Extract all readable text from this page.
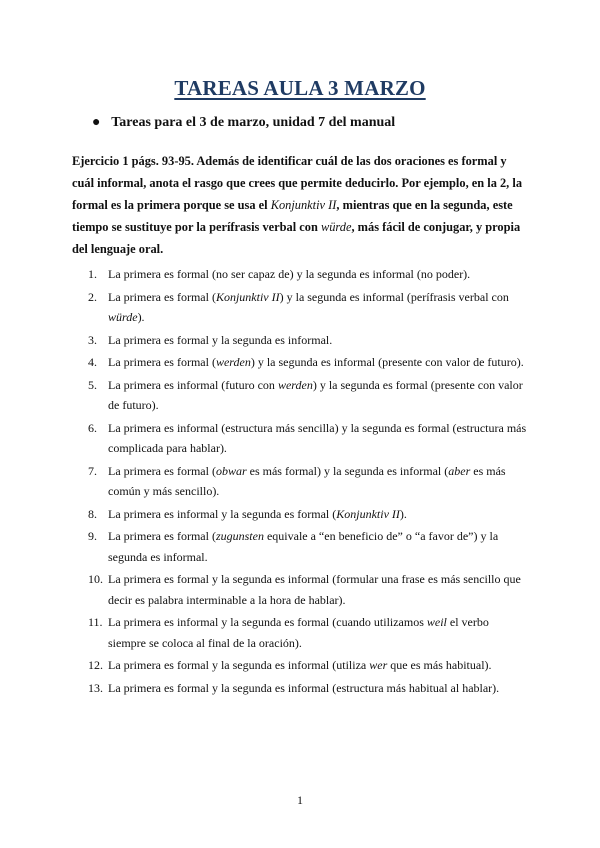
TAREAS AULA 3 MARZO
● Tareas para el 3 de marzo, unidad 7 del manual
Ejercicio 1 págs. 93-95. Además de identificar cuál de las dos oraciones es formal y cuál informal, anota el rasgo que crees que permite deducirlo. Por ejemplo, en la 2, la formal es la primera porque se usa el Konjunktiv II, mientras que en la segunda, este tiempo se sustituye por la perífrasis verbal con würde, más fácil de conjugar, y propia del lenguaje oral.
1. La primera es formal (no ser capaz de) y la segunda es informal (no poder).
2. La primera es formal (Konjunktiv II) y la segunda es informal (perífrasis verbal con würde).
3. La primera es formal y la segunda es informal.
4. La primera es formal (werden) y la segunda es informal (presente con valor de futuro).
5. La primera es informal (futuro con werden) y la segunda es formal (presente con valor de futuro).
6. La primera es informal (estructura más sencilla) y la segunda es formal (estructura más complicada para hablar).
7. La primera es formal (obwar es más formal) y la segunda es informal (aber es más común y más sencillo).
8. La primera es informal y la segunda es formal (Konjunktiv II).
9. La primera es formal (zugunsten equivale a “en beneficio de” o “a favor de”) y la segunda es informal.
10. La primera es formal y la segunda es informal (formular una frase es más sencillo que decir es palabra interminable a la hora de hablar).
11. La primera es informal y la segunda es formal (cuando utilizamos weil el verbo siempre se coloca al final de la oración).
12. La primera es formal y la segunda es informal (utiliza wer que es más habitual).
13. La primera es formal y la segunda es informal (estructura más habitual al hablar).
1
